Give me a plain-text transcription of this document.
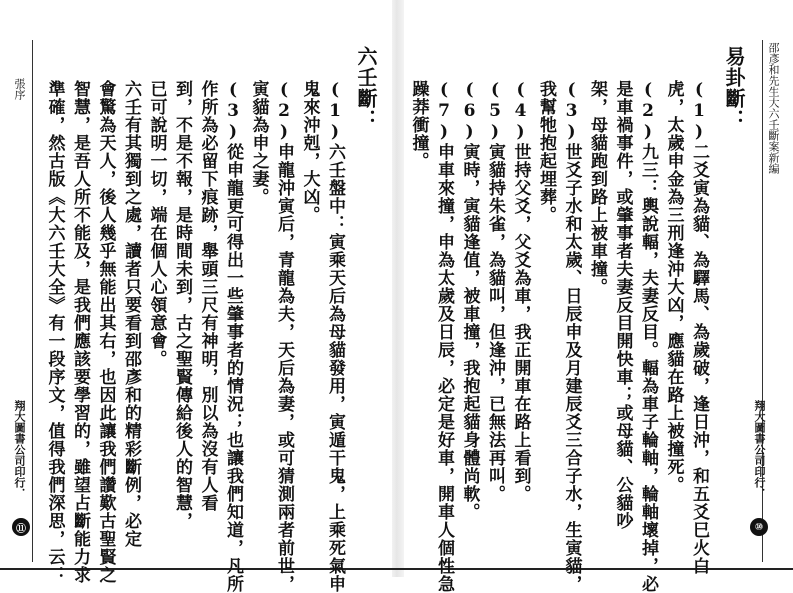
邵彥和先生大六壬斷案新編
易卦斷：
(1)二爻寅為貓、為驛馬、為歲破，逢日沖，和五爻巳火白
虎，太歲申金為三刑逢沖大凶，應貓在路上被撞死。
(2)九三：輿說輻，夫妻反目。輻為車子輪軸，輪軸壞掉，必
是車禍事件，或肇事者夫妻反目開快車；或母貓、公貓吵
架，母貓跑到路上被車撞。
(3)世爻子水和太歲、日辰申及月建辰爻三合子水，生寅貓，
我幫牠抱起埋葬。
(4)世持父爻，父爻為車，我正開車在路上看到。
(5)寅貓持朱雀，為貓叫，但逢沖，已無法再叫。
(6)寅時，寅貓逢值，被車撞，我抱起貓身體尚軟。	翔大圖書公司印行．
⑩
張序	六壬斷：
(1)六壬盤中：寅乘天后為母貓發用，寅遁干鬼，上乘死氣申
鬼來沖剋，大凶。
(2)申龍沖寅后，青龍為夫，天后為妻，或可猜測兩者前世，
寅貓為申之妻。
(3)從申龍更可得出一些肇事者的情況；也讓我們知道，凡所
作所為必留下痕跡，舉頭三尺有神明，別以為沒有人看
到，不是不報，是時間未到，古之聖賢傳給後人的智慧，
已可說明一切，端在個人心領意會。
六壬有其獨到之處，讀者只要看到邵彥和的精彩斷例，必定
會驚為天人，後人幾乎無能出其右，也因此讓我們讚歎古聖賢之
翔大圖書公司印行．
⑪	(7)申車來撞，申為太歲及日辰，必定是好車，開車人個性急
躁莽衝撞。
智慧，是吾人所不能及，是我們應該要學習的，雖望占斷能力求
準確，然古版《大六壬大全》有一段序文，值得我們深思，云：
